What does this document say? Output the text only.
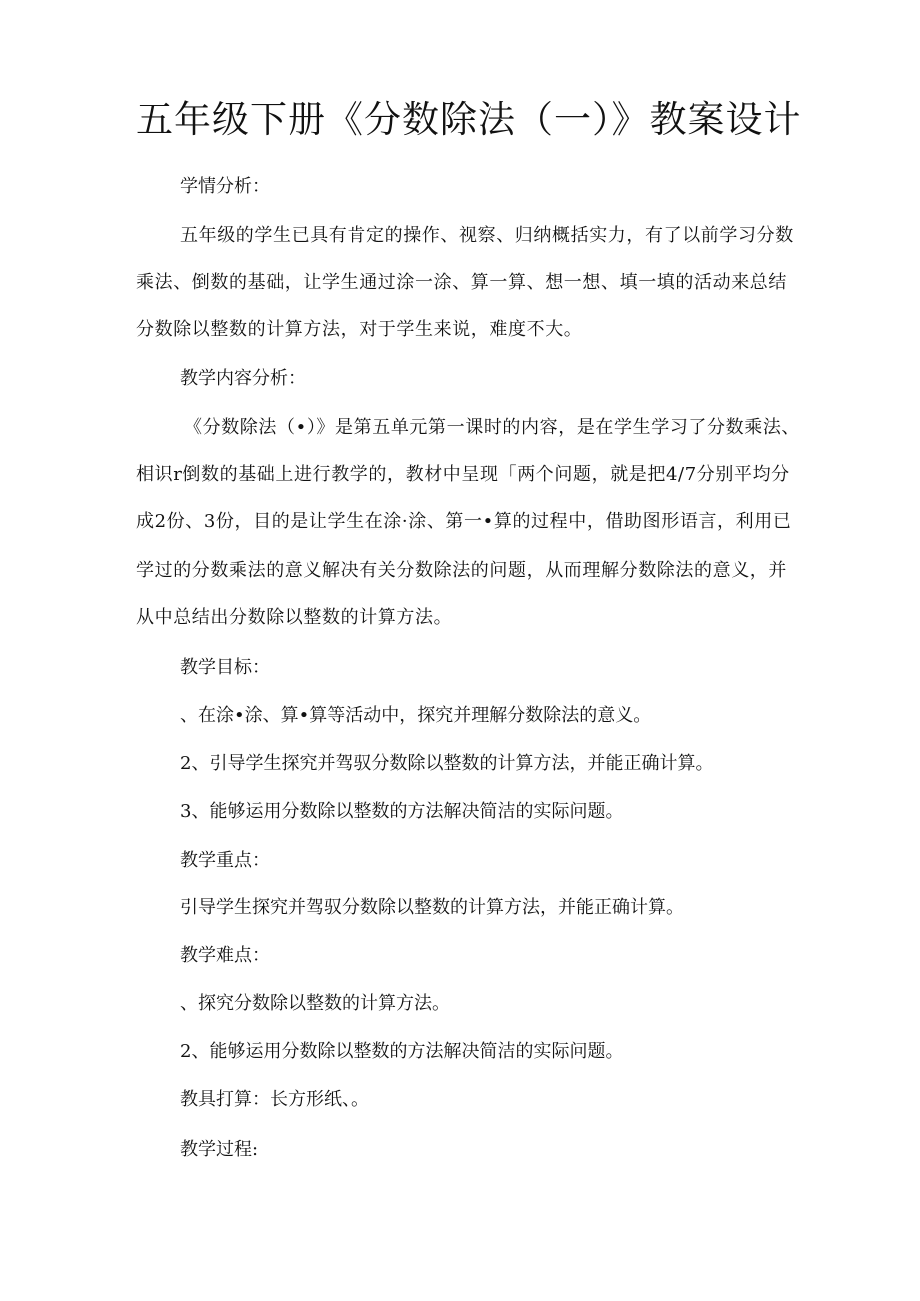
五年级下册《分数除法（一）》教案设计
学情分析：
五年级的学生已具有肯定的操作、视察、归纳概括实力，有了以前学习分数
乘法、倒数的基础，让学生通过涂一涂、算一算、想一想、填一填的活动来总结
分数除以整数的计算方法，对于学生来说，难度不大。
教学内容分析：
《分数除法（•）》是第五单元第一课时的内容，是在学生学习了分数乘法、
相识r倒数的基础上进行教学的，教材中呈现「两个问题，就是把4/7分别平均分
成2份、3份，目的是让学生在涂·涂、第一•算的过程中，借助图形语言，利用已
学过的分数乘法的意义解决有关分数除法的问题，从而理解分数除法的意义，并
从中总结出分数除以整数的计算方法。
教学目标：
、在涂•涂、算•算等活动中，探究并理解分数除法的意义。
2、引导学生探究并驾驭分数除以整数的计算方法，并能正确计算。
3、能够运用分数除以整数的方法解决简洁的实际问题。
教学重点：
引导学生探究并驾驭分数除以整数的计算方法，并能正确计算。
教学难点：
、探究分数除以整数的计算方法。
2、能够运用分数除以整数的方法解决简洁的实际问题。
教具打算：长方形纸、。
教学过程:
